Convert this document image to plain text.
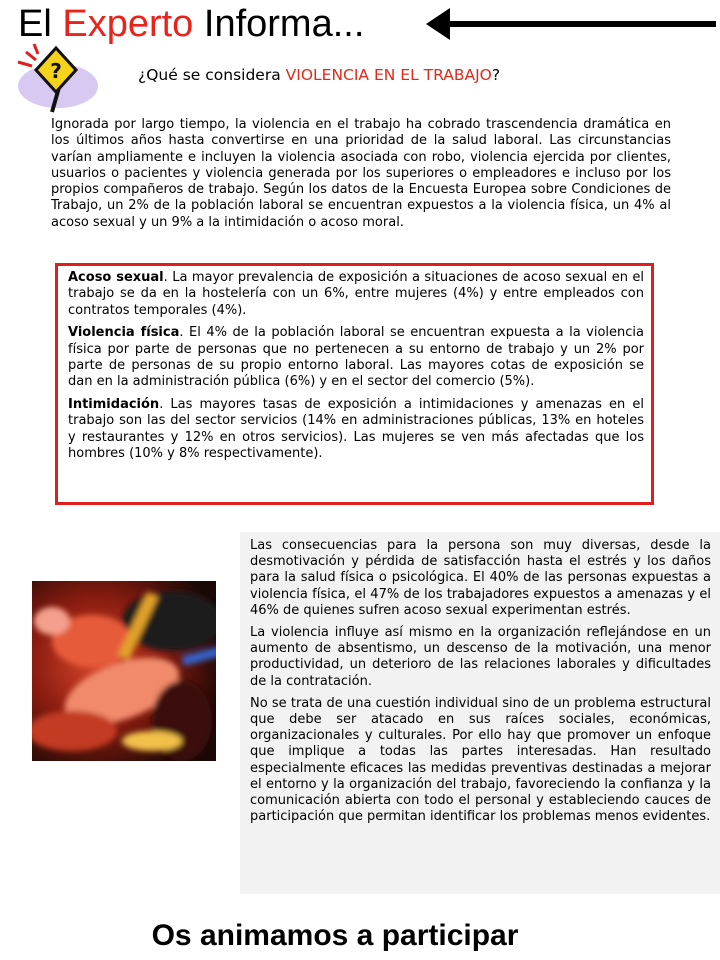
El Experto Informa...
?	¿Qué se considera VIOLENCIA EN EL TRABAJO?

Ignorada por largo tiempo, la violencia en el trabajo ha cobrado trascendencia dramática en los últimos años hasta convertirse en una prioridad de la salud laboral. Las circunstancias varían ampliamente e incluyen la violencia asociada con robo, violencia ejercida por clientes, usuarios o pacientes y violencia generada por los superiores o empleadores e incluso por los propios compañeros de trabajo. Según los datos de la Encuesta Europea sobre Condiciones de Trabajo, un 2% de la población laboral se encuentran expuestos a la violencia física, un 4% al acoso sexual y un 9% a la intimidación o acoso moral.

Acoso sexual. La mayor prevalencia de exposición a situaciones de acoso sexual en el trabajo se da en la hostelería con un 6%, entre mujeres (4%) y entre empleados con contratos temporales (4%).

Violencia física. El 4% de la población laboral se encuentran expuesta a la violencia física por parte de personas que no pertenecen a su entorno de trabajo y un 2% por parte de personas de su propio entorno laboral. Las mayores cotas de exposición se dan en la administración pública (6%) y en el sector del comercio (5%).

Intimidación. Las mayores tasas de exposición a intimidaciones y amenazas en el trabajo son las del sector servicios (14% en administraciones públicas, 13% en hoteles y restaurantes y 12% en otros servicios). Las mujeres se ven más afectadas que los hombres (10% y 8% respectivamente).

Las consecuencias para la persona son muy diversas, desde la desmotivación y pérdida de satisfacción hasta el estrés y los daños para la salud física o psicológica. El 40% de las personas expuestas a violencia física, el 47% de los trabajadores expuestos a amenazas y el 46% de quienes sufren acoso sexual experimentan estrés.

La violencia influye así mismo en la organización reflejándose en un aumento de absentismo, un descenso de la motivación, una menor productividad, un deterioro de las relaciones laborales y dificultades de la contratación.

No se trata de una cuestión individual sino de un problema estructural que debe ser atacado en sus raíces sociales, económicas, organizacionales y culturales. Por ello hay que promover un enfoque que implique a todas las partes interesadas. Han resultado especialmente eficaces las medidas preventivas destinadas a mejorar el entorno y la organización del trabajo, favoreciendo la confianza y la comunicación abierta con todo el personal y estableciendo cauces de participación que permitan identificar los problemas menos evidentes.

Os animamos a participar
